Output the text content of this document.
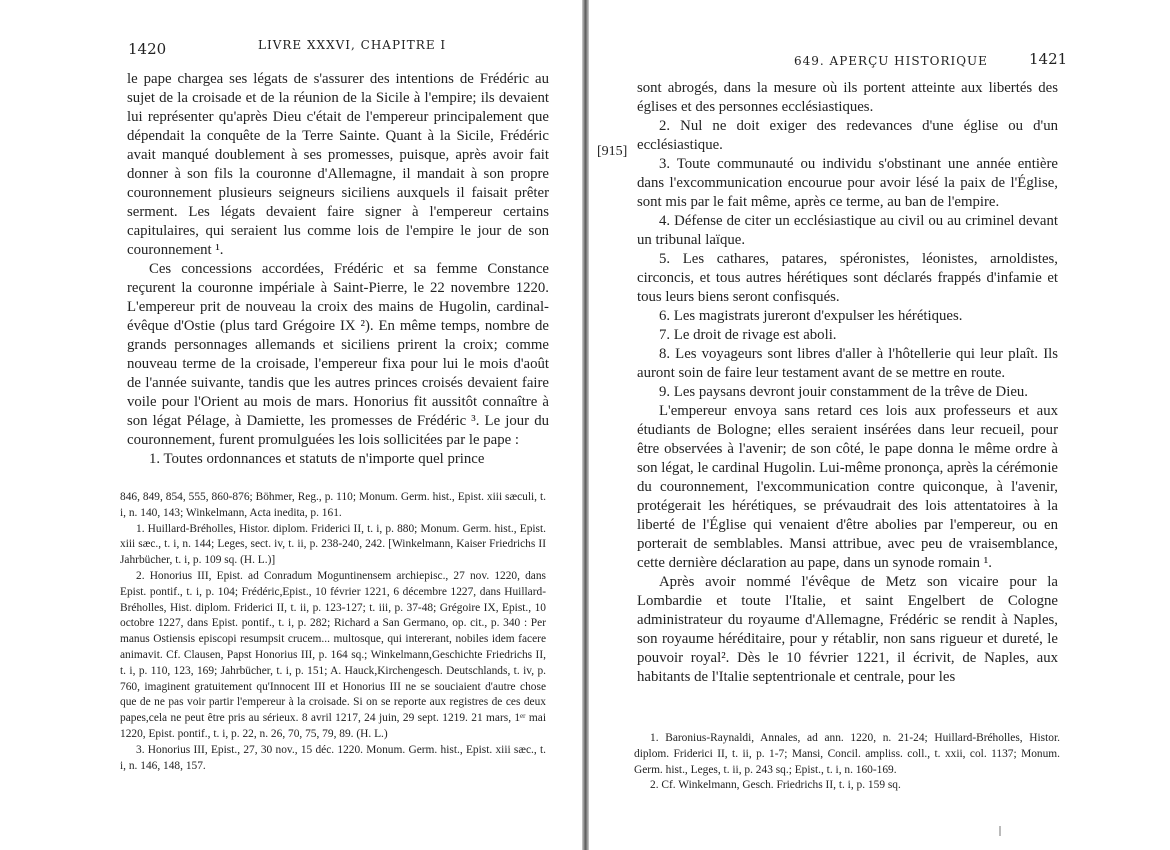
1420	LIVRE XXXVI, CHAPITRE I

le pape chargea ses légats de s'assurer des intentions de Frédéric au sujet de la croisade et de la réunion de la Sicile à l'empire; ils devaient lui représenter qu'après Dieu c'était de l'empereur principalement que dépendait la conquête de la Terre Sainte. Quant à la Sicile, Frédéric avait manqué doublement à ses promesses, puisque, après avoir fait donner à son fils la couronne d'Allemagne, il mandait à son propre couronnement plusieurs seigneurs siciliens auxquels il faisait prêter serment. Les légats devaient faire signer à l'empereur certains capitulaires, qui seraient lus comme lois de l'empire le jour de son couronnement ¹.

Ces concessions accordées, Frédéric et sa femme Constance reçurent la couronne impériale à Saint-Pierre, le 22 novembre 1220. L'empereur prit de nouveau la croix des mains de Hugolin, cardinal-évêque d'Ostie (plus tard Grégoire IX ²). En même temps, nombre de grands personnages allemands et siciliens prirent la croix; comme nouveau terme de la croisade, l'empereur fixa pour lui le mois d'août de l'année suivante, tandis que les autres princes croisés devaient faire voile pour l'Orient au mois de mars. Honorius fit aussitôt connaître à son légat Pélage, à Damiette, les promesses de Frédéric ³. Le jour du couronnement, furent promulguées les lois sollicitées par le pape :

1. Toutes ordonnances et statuts de n'importe quel prince

846, 849, 854, 555, 860-876; Böhmer, Reg., p. 110; Monum. Germ. hist., Epist. xiii sæculi, t. i, n. 140, 143; Winkelmann, Acta inedita, p. 161.

1. Huillard-Bréholles, Histor. diplom. Friderici II, t. i, p. 880; Monum. Germ. hist., Epist. xiii sæc., t. i, n. 144; Leges, sect. iv, t. ii, p. 238-240, 242. [Winkelmann, Kaiser Friedrichs II Jahrbücher, t. i, p. 109 sq. (H. L.)]

2. Honorius III, Epist. ad Conradum Moguntinensem archiepisc., 27 nov. 1220, dans Epist. pontif., t. i, p. 104; Frédéric,Epist., 10 février 1221, 6 décembre 1227, dans Huillard-Bréholles, Hist. diplom. Friderici II, t. ii, p. 123-127; t. iii, p. 37-48; Grégoire IX, Epist., 10 octobre 1227, dans Epist. pontif., t. i, p. 282; Richard a San Germano, op. cit., p. 340 : Per manus Ostiensis episcopi resumpsit crucem... multosque, qui intererant, nobiles idem facere animavit. Cf. Clausen, Papst Honorius III, p. 164 sq.; Winkelmann,Geschichte Friedrichs II, t. i, p. 110, 123, 169; Jahrbücher, t. i, p. 151; A. Hauck,Kirchengesch. Deutschlands, t. iv, p. 760, imaginent gratuitement qu'Innocent III et Honorius III ne se souciaient d'autre chose que de ne pas voir partir l'empereur à la croisade. Si on se reporte aux registres de ces deux papes,cela ne peut être pris au sérieux. 8 avril 1217, 24 juin, 29 sept. 1219. 21 mars, 1ᵉʳ mai 1220, Epist. pontif., t. i, p. 22, n. 26, 70, 75, 79, 89. (H. L.)

3. Honorius III, Epist., 27, 30 nov., 15 déc. 1220. Monum. Germ. hist., Epist. xiii sæc., t. i, n. 146, 148, 157.

649. APERÇU HISTORIQUE	1421
[915]

sont abrogés, dans la mesure où ils portent atteinte aux libertés des églises et des personnes ecclésiastiques.

2. Nul ne doit exiger des redevances d'une église ou d'un ecclésiastique.

3. Toute communauté ou individu s'obstinant une année entière dans l'excommunication encourue pour avoir lésé la paix de l'Église, sont mis par le fait même, après ce terme, au ban de l'empire.

4. Défense de citer un ecclésiastique au civil ou au criminel devant un tribunal laïque.

5. Les cathares, patares, spéronistes, léonistes, arnoldistes, circoncis, et tous autres hérétiques sont déclarés frappés d'infamie et tous leurs biens seront confisqués.

6. Les magistrats jureront d'expulser les hérétiques.

7. Le droit de rivage est aboli.

8. Les voyageurs sont libres d'aller à l'hôtellerie qui leur plaît. Ils auront soin de faire leur testament avant de se mettre en route.

9. Les paysans devront jouir constamment de la trêve de Dieu.

L'empereur envoya sans retard ces lois aux professeurs et aux étudiants de Bologne; elles seraient insérées dans leur recueil, pour être observées à l'avenir; de son côté, le pape donna le même ordre à son légat, le cardinal Hugolin. Lui-même prononça, après la cérémonie du couronnement, l'excommunication contre quiconque, à l'avenir, protégerait les hérétiques, se prévaudrait des lois attentatoires à la liberté de l'Église qui venaient d'être abolies par l'empereur, ou en porterait de semblables. Mansi attribue, avec peu de vraisemblance, cette dernière déclaration au pape, dans un synode romain ¹.

Après avoir nommé l'évêque de Metz son vicaire pour la Lombardie et toute l'Italie, et saint Engelbert de Cologne administrateur du royaume d'Allemagne, Frédéric se rendit à Naples, son royaume héréditaire, pour y rétablir, non sans rigueur et dureté, le pouvoir royal². Dès le 10 février 1221, il écrivit, de Naples, aux habitants de l'Italie septentrionale et centrale, pour les

1. Baronius-Raynaldi, Annales, ad ann. 1220, n. 21-24; Huillard-Bréholles, Histor. diplom. Friderici II, t. ii, p. 1-7; Mansi, Concil. ampliss. coll., t. xxii, col. 1137; Monum. Germ. hist., Leges, t. ii, p. 243 sq.; Epist., t. i, n. 160-169.

2. Cf. Winkelmann, Gesch. Friedrichs II, t. i, p. 159 sq.
